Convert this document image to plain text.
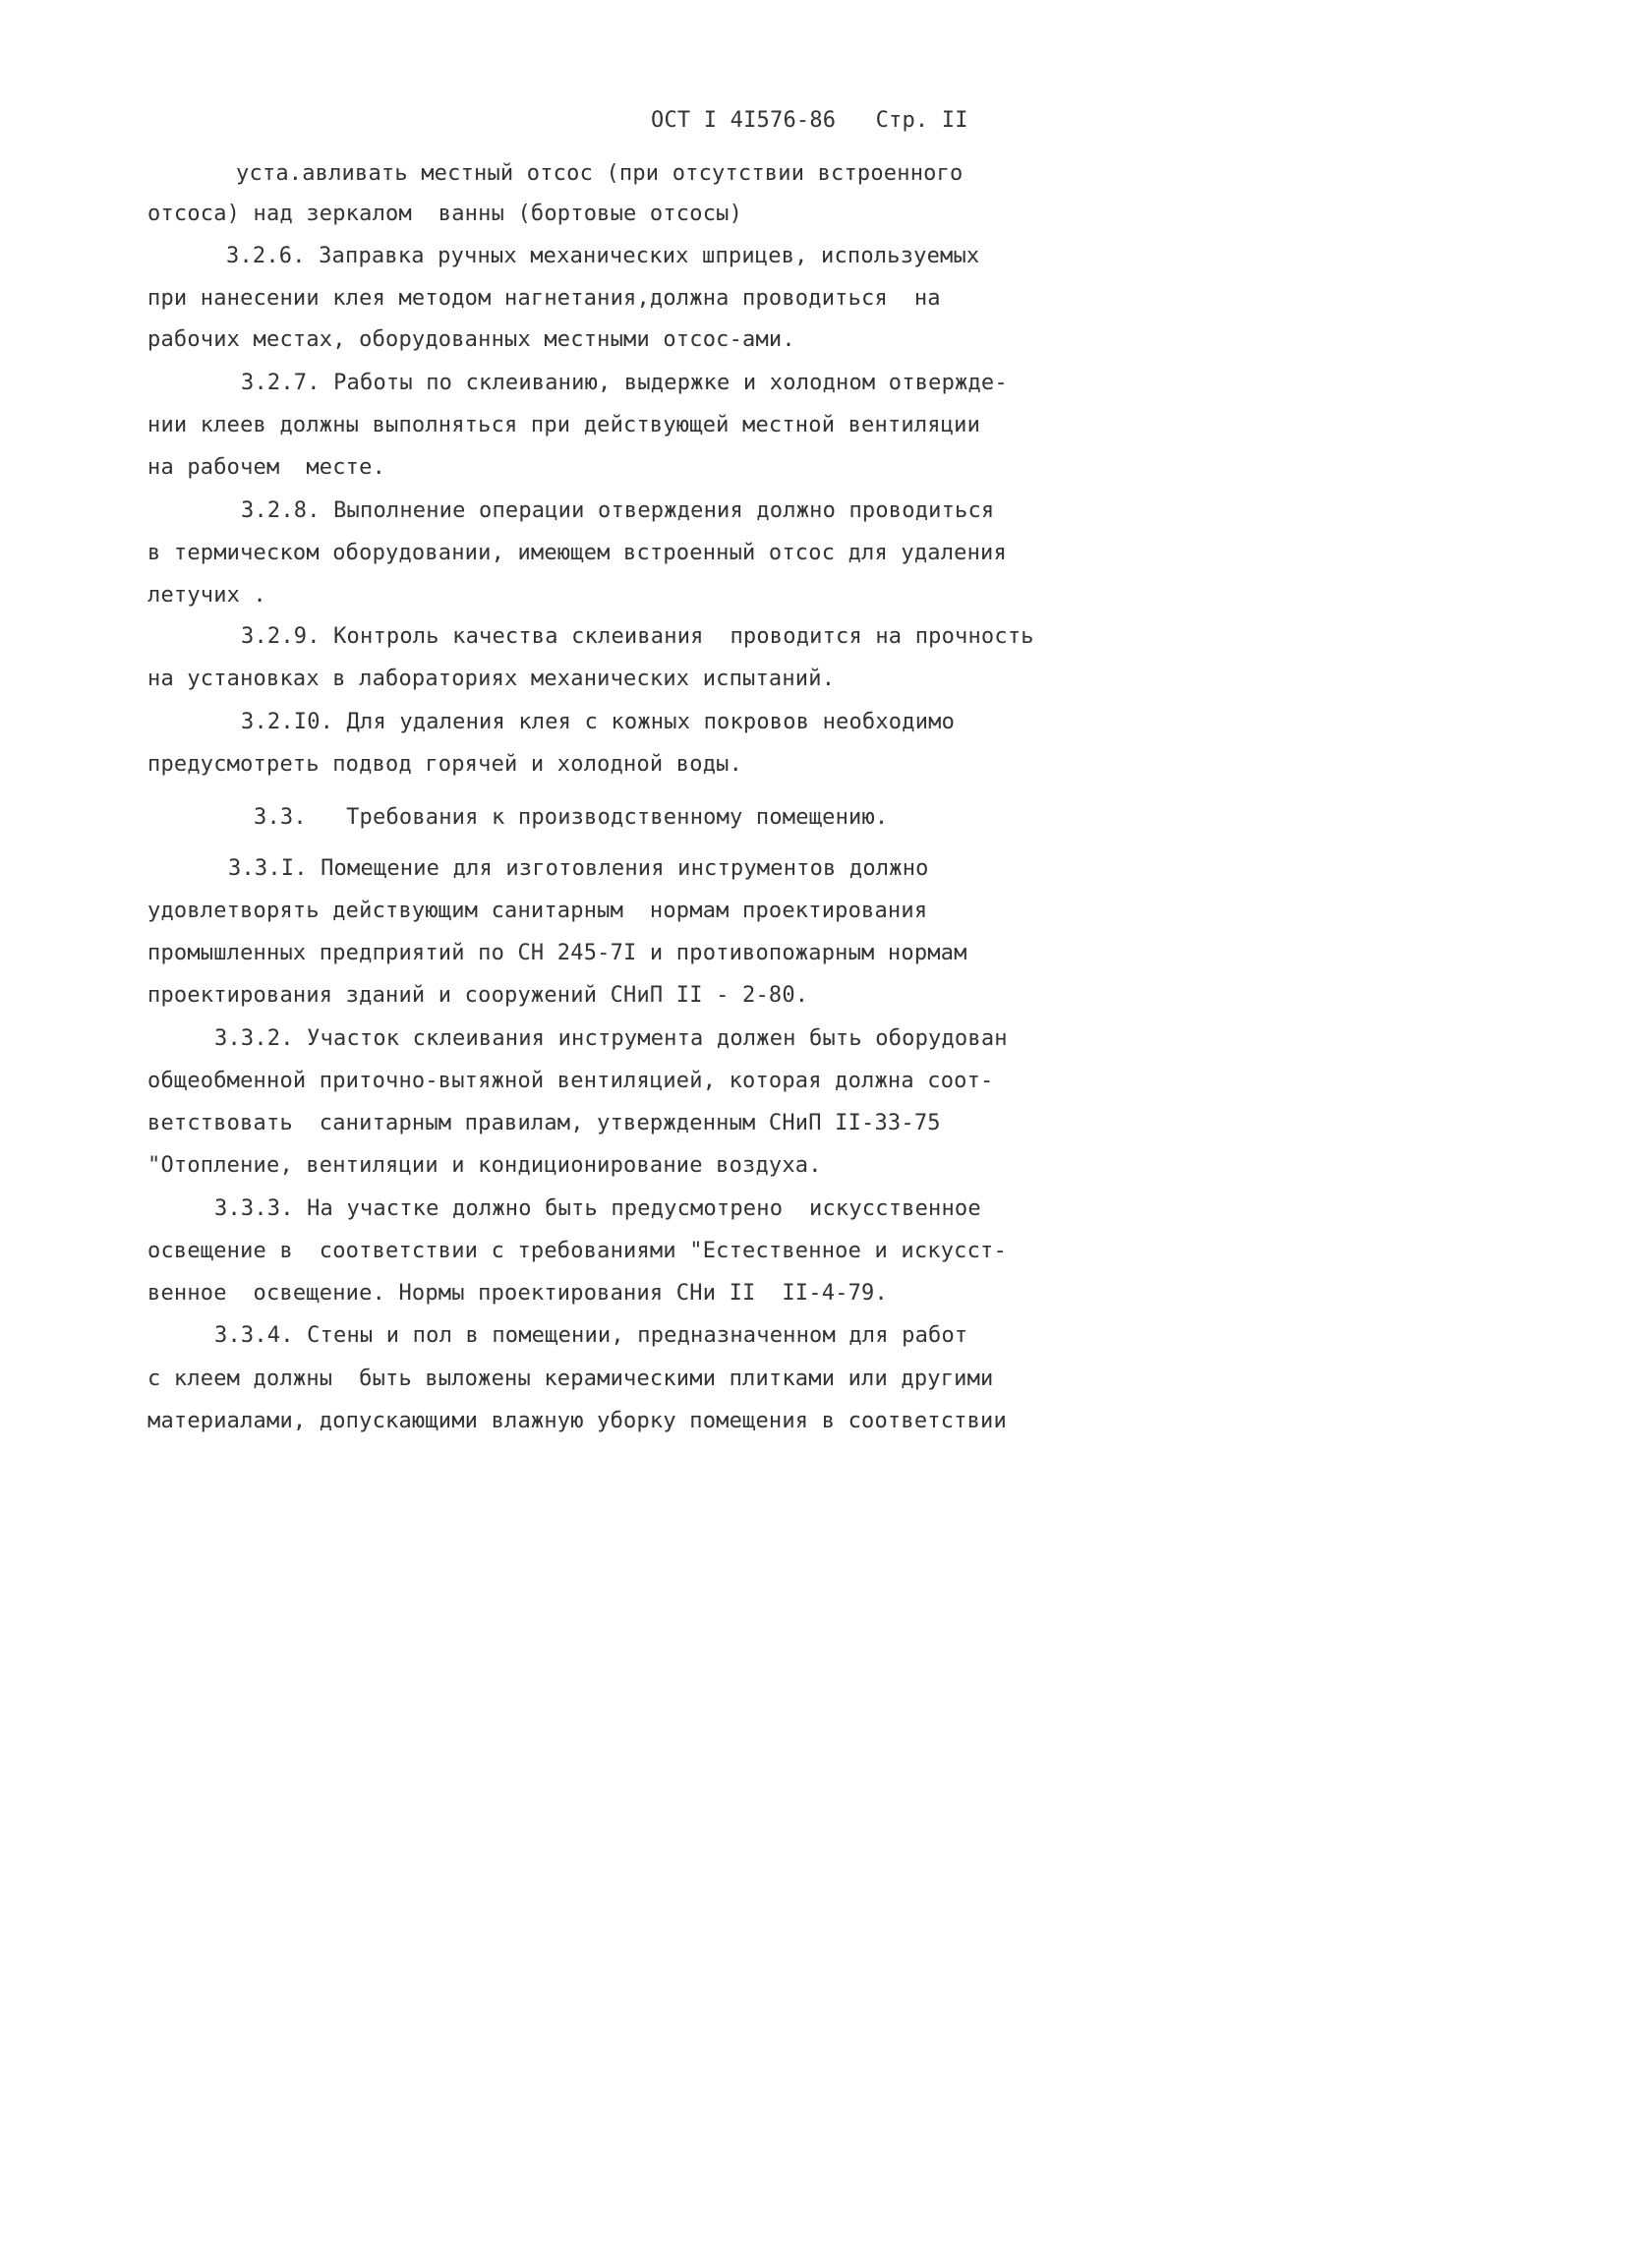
ОСТ I 4I576-86 Стр. II
уста.авливать местный отсос (при отсутствии встроенного
отсоса) над зеркалом  ванны (бортовые отсосы)
3.2.6. Заправка ручных механических шприцев, используемых
при нанесении клея методом нагнетания,должна проводиться  на
рабочих местах, оборудованных местными отсос-ами.
3.2.7. Работы по склеиванию, выдержке и холодном отвержде-
нии клеев должны выполняться при действующей местной вентиляции
на рабочем  месте.
3.2.8. Выполнение операции отверждения должно проводиться
в термическом оборудовании, имеющем встроенный отсос для удаления
летучих .
3.2.9. Контроль качества склеивания  проводится на прочность
на установках в лабораториях механических испытаний.
3.2.I0. Для удаления клея с кожных покровов необходимо
предусмотреть подвод горячей и холодной воды.
3.3.   Требования к производственному помещению.
3.3.I. Помещение для изготовления инструментов должно
удовлетворять действующим санитарным  нормам проектирования
промышленных предприятий по СН 245-7I и противопожарным нормам
проектирования зданий и сооружений СНиП II - 2-80.
3.3.2. Участок склеивания инструмента должен быть оборудован
общеобменной приточно-вытяжной вентиляцией, которая должна соот-
ветствовать  санитарным правилам, утвержденным СНиП II-33-75
"Отопление, вентиляции и кондиционирование воздуха.
3.3.3. На участке должно быть предусмотрено  искусственное
освещение в  соответствии с требованиями "Естественное и искусст-
венное  освещение. Нормы проектирования СНи II  II-4-79.
3.3.4. Стены и пол в помещении, предназначенном для работ
с клеем должны  быть выложены керамическими плитками или другими
материалами, допускающими влажную уборку помещения в соответствии
